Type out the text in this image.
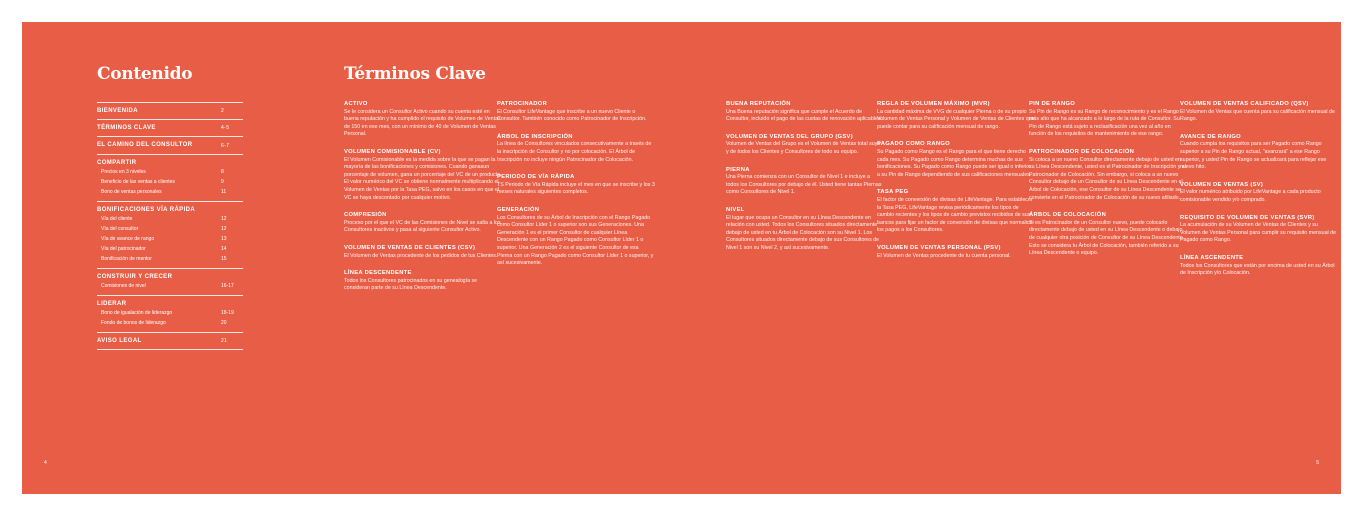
Contenido
BIENVENIDA	2
TÉRMINOS CLAVE	4-5
EL CAMINO DEL CONSULTOR	6-7
COMPARTIR
Precios en 3 niveles	8
Beneficio de las ventas a clientes	9
Bono de ventas personales	11
BONIFICACIONES VÍA RÁPIDA
Vía del cliente	12
Vía del consultor	12
Vía de avance de rango	13
Vía del patrocinador	14
Bonificación de mentor	15
CONSTRUIR Y CRECER
Comisiones de nivel	16-17
LIDERAR
Bono de igualación de liderazgo	18-19
Fondo de bonos de liderazgo	20
AVISO LEGAL	21
Términos Clave
ACTIVO
Se le considera un Consultor Activo cuando su cuenta esté en buena reputación y ha cumplido el requisito de Volumen de Ventas de 150 en ese mes, con un mínimo de 40 de Volumen de Ventas Personal.
VOLUMEN COMISIONABLE (CV)
El Volumen Comisionable es la medida sobre la que se pagan la mayoría de las bonificaciones y comisiones. Cuando ganasun porcentaje de volumen, gana un porcentaje del VC de un producto. El valor numérico del VC se obtiene normalmente multiplicando el Volumen de Ventas por la Tasa PEG, salvo en los casos en que el VC se haya descontado por cualquier motivo.
COMPRESIÓN
Proceso por el que el VC de las Comisiones de Nivel se salta a los Consultores inactivos y pasa al siguiente Consultor Activo.
VOLUMEN DE VENTAS DE CLIENTES (CSV)
El Volumen de Ventas procedente de los pedidos de tus Clientes.
LÍNEA DESCENDENTE
Todos los Consultores patrocinados en su genealogía se consideran parte de su Línea Descendente.
PATROCINADOR
El Consultor LifeVantage que inscribe a un nuevo Cliente o Consultor. También conocido como Patrocinador de Inscripción.
ÁRBOL DE INSCRIPCIÓN
La línea de Consultores vinculados consecutivamente a través de la inscripción de Consultor y no por colocación. El Árbol de Inscripción no incluye ningún Patrocinador de Colocación.
PERIODO DE VÍA RÁPIDA
TS Periodo de Vía Rápida incluye el mes en que se inscribe y los 3 meses naturales siguientes completos.
GENERACIÓN
Los Consultores de su Árbol de Inscripción con el Rango Pagado como Consultor Líder 1 o superior son sus Generaciones. Una Generación 1 es el primer Consultor de cualquier Línea Descendente con un Rango Pagado como Consultor Líder 1 o superior. Una Generación 2 es el siguiente Consultor de esa Pierna con un Rango Pagado como Consultor Líder 1 o superior, y así sucesivamente.
4
BUENA REPUTACIÓN
Una Buena reputación significa que cumple el Acuerdo de Consultor, incluido el pago de las cuotas de renovación aplicables.
VOLUMEN DE VENTAS DEL GRUPO (GSV)
Volumen de Ventas del Grupo es el Volumen de Ventas total suyo y de todos los Clientes y Consultores de todo su equipo.
PIERNA
Una Pierna comienza con un Consultor de Nivel 1 e incluye a todos los Consultores por debajo de él. Usted tiene tantas Piernas como Consultores de Nivel 1.
NIVEL
El lugar que ocupa un Consultor en su Línea Descendente en relación con usted. Todos los Consultores situados directamente debajo de usted en tu Árbol de Colocación son su Nivel 1. Los Consultores situados directamente debajo de sus Consultores de Nivel 1 son su Nivel 2, y así sucesivamente.
REGLA DE VOLUMEN MÁXIMO (MVR)
La cantidad máxima de VVG de cualquier Pierna o de su propio Volumen de Ventas Personal y Volumen de Ventas de Clientes que puede contar para su calificación mensual de rango.
PAGADO COMO RANGO
Su Pagado como Rango es el Rango para el que tiene derecho cada mes. Su Pagado como Rango determina muchas de sus bonificaciones. Su Pagado como Rango puede ser igual o inferior a su Pin de Rango dependiendo de sus calificaciones mensuales.
TASA PEG
El factor de conversión de divisas de LifeVantage. Para establecer la Tasa PEG, LifeVantage revisa periódicamente los tipos de cambio recientes y los tipos de cambio previstos recibidos de sus bancos para fijar un factor de conversión de divisas que normalice los pagos a los Consultores.
VOLUMEN DE VENTAS PERSONAL (PSV)
El Volumen de Ventas procedente de tu cuenta personal.
PIN DE RANGO
Su Pin de Rango es su Rango de reconocimiento y es el Rango más alto que ha alcanzado a lo largo de la ruta de Consultor. Su Pin de Rango está sujeto a reclasificación una vez al año en función de los requisitos de mantenimiento de ese rango.
PATROCINADOR DE COLOCACIÓN
Si coloca a un nuevo Consultor directamente debajo de usted en su Línea Descendente, usted es el Patrocinador de Inscripción y el Patrocinador de Colocación. Sin embargo, si coloca a un nuevo Consultor debajo de un Consultor de su Línea Descendente en el Árbol de Colocación, ese Consultor de su Línea Descendente se convierte en el Patrocinador de Colocación de su nuevo afiliado.
ÁRBOL DE COLOCACIÓN
Si es Patrocinador de un Consultor nuevo, puede colocarlo directamente debajo de usted en su Línea Descendente o debajo de cualquier otra posición de Consultor de su Línea Descendente. Esto se considera tu Árbol de Colocación, también referido a su Línea Descendente o equipo.
VOLUMEN DE VENTAS CALIFICADO (QSV)
El Volumen de Ventas que cuenta para su calificación mensual de Rango.
AVANCE DE RANGO
Cuando cumpla los requisitos para ser Pagado como Rango superior a su Pin de Rango actual, "avanzará" a ese Rango superior, y usted Pin de Rango se actualizará para reflejar ese nuevo hito.
VOLUMEN DE VENTAS (SV)
El valor numérico atribuido por LifeVantage a cada producto comisionable vendido y/o comprado.
REQUISITO DE VOLUMEN DE VENTAS (SVR)
La acumulación de su Volumen de Ventas de Clientes y su Volumen de Ventas Personal para cumplir su requisito mensual de Pagado como Rango.
LÍNEA ASCENDENTE
Todos los Consultores que están por encima de usted en su Árbol de Inscripción y/o Colocación.
5
